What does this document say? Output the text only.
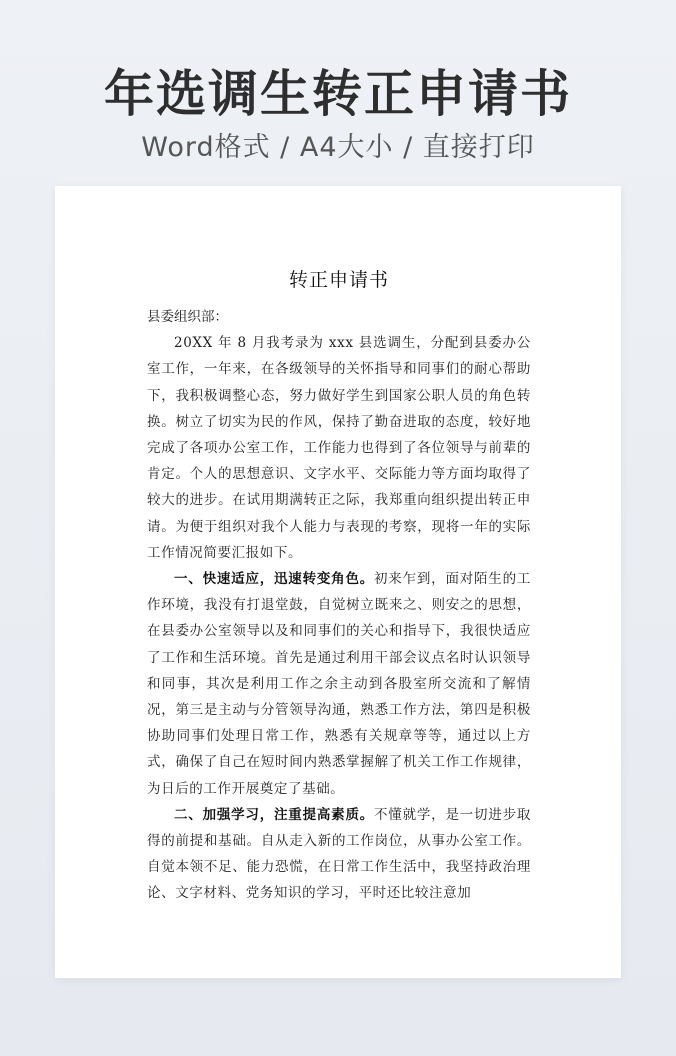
年选调生转正申请书
Word格式 / A4大小 / 直接打印
转正申请书

县委组织部：

20XX 年 8 月我考录为 xxx 县选调生，分配到县委办公室工作，一年来，在各级领导的关怀指导和同事们的耐心帮助下，我积极调整心态，努力做好学生到国家公职人员的角色转换。树立了切实为民的作风，保持了勤奋进取的态度，较好地完成了各项办公室工作，工作能力也得到了各位领导与前辈的肯定。个人的思想意识、文字水平、交际能力等方面均取得了较大的进步。在试用期满转正之际，我郑重向组织提出转正申请。为便于组织对我个人能力与表现的考察，现将一年的实际工作情况简要汇报如下。

一、快速适应，迅速转变角色。初来乍到，面对陌生的工作环境，我没有打退堂鼓，自觉树立既来之、则安之的思想，在县委办公室领导以及和同事们的关心和指导下，我很快适应了工作和生活环境。首先是通过利用干部会议点名时认识领导和同事，其次是利用工作之余主动到各股室所交流和了解情况，第三是主动与分管领导沟通，熟悉工作方法，第四是积极协助同事们处理日常工作，熟悉有关规章等等，通过以上方式，确保了自己在短时间内熟悉掌握解了机关工作工作规律，为日后的工作开展奠定了基础。

二、加强学习，注重提高素质。不懂就学，是一切进步取得的前提和基础。自从走入新的工作岗位，从事办公室工作。自觉本领不足、能力恐慌，在日常工作生活中，我坚持政治理论、文字材料、党务知识的学习，平时还比较注意加
